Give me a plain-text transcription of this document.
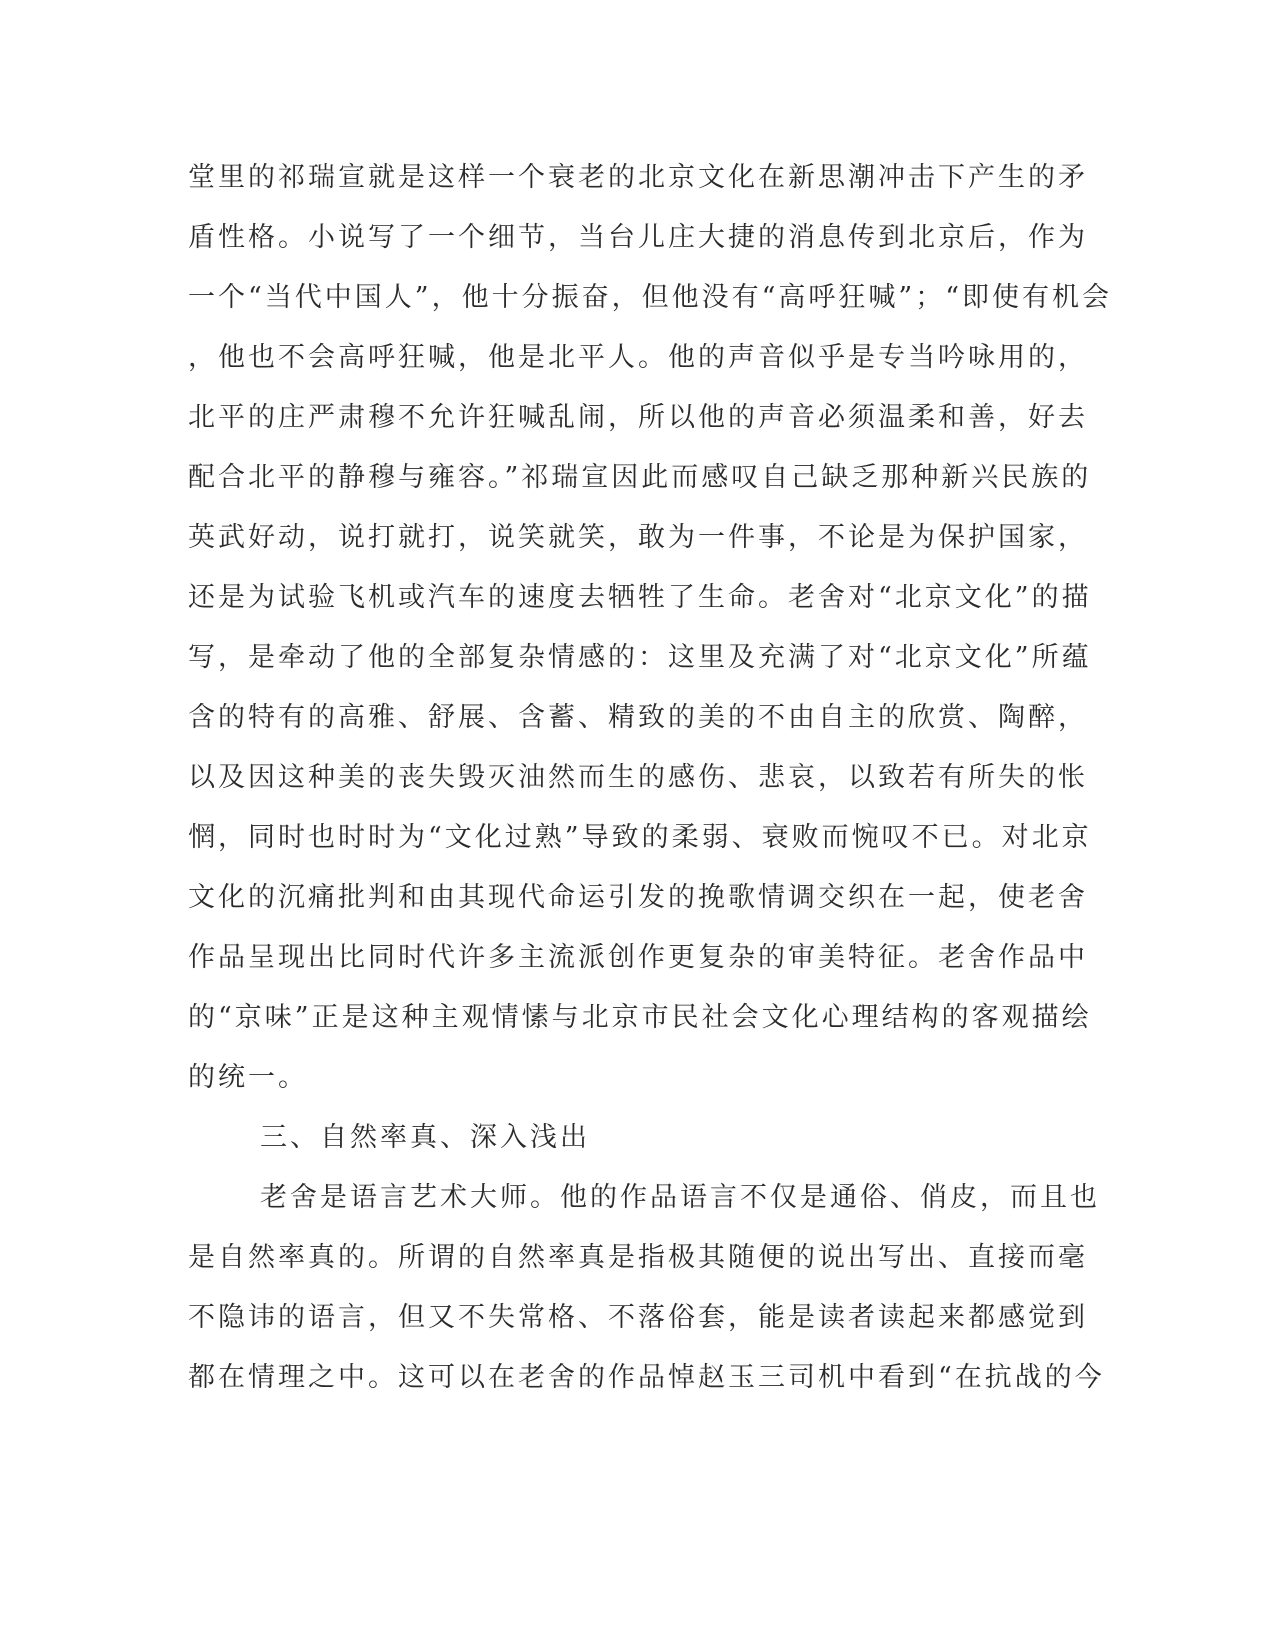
堂里的祁瑞宣就是这样一个衰老的北京文化在新思潮冲击下产生的矛
盾性格。小说写了一个细节，当台儿庄大捷的消息传到北京后，作为
一个“当代中国人”，他十分振奋，但他没有“高呼狂喊”；“即使有机会
，他也不会高呼狂喊，他是北平人。他的声音似乎是专当吟咏用的，
北平的庄严肃穆不允许狂喊乱闹，所以他的声音必须温柔和善，好去
配合北平的静穆与雍容。”祁瑞宣因此而感叹自己缺乏那种新兴民族的
英武好动，说打就打，说笑就笑，敢为一件事，不论是为保护国家，
还是为试验飞机或汽车的速度去牺牲了生命。老舍对“北京文化”的描
写，是牵动了他的全部复杂情感的：这里及充满了对“北京文化”所蕴
含的特有的高雅、舒展、含蓄、精致的美的不由自主的欣赏、陶醉，
以及因这种美的丧失毁灭油然而生的感伤、悲哀，以致若有所失的怅
惘，同时也时时为“文化过熟”导致的柔弱、衰败而惋叹不已。对北京
文化的沉痛批判和由其现代命运引发的挽歌情调交织在一起，使老舍
作品呈现出比同时代许多主流派创作更复杂的审美特征。老舍作品中
的“京味”正是这种主观情愫与北京市民社会文化心理结构的客观描绘
的统一。
三、自然率真、深入浅出
老舍是语言艺术大师。他的作品语言不仅是通俗、俏皮，而且也
是自然率真的。所谓的自然率真是指极其随便的说出写出、直接而毫
不隐讳的语言，但又不失常格、不落俗套，能是读者读起来都感觉到
都在情理之中。这可以在老舍的作品悼赵玉三司机中看到“在抗战的今
